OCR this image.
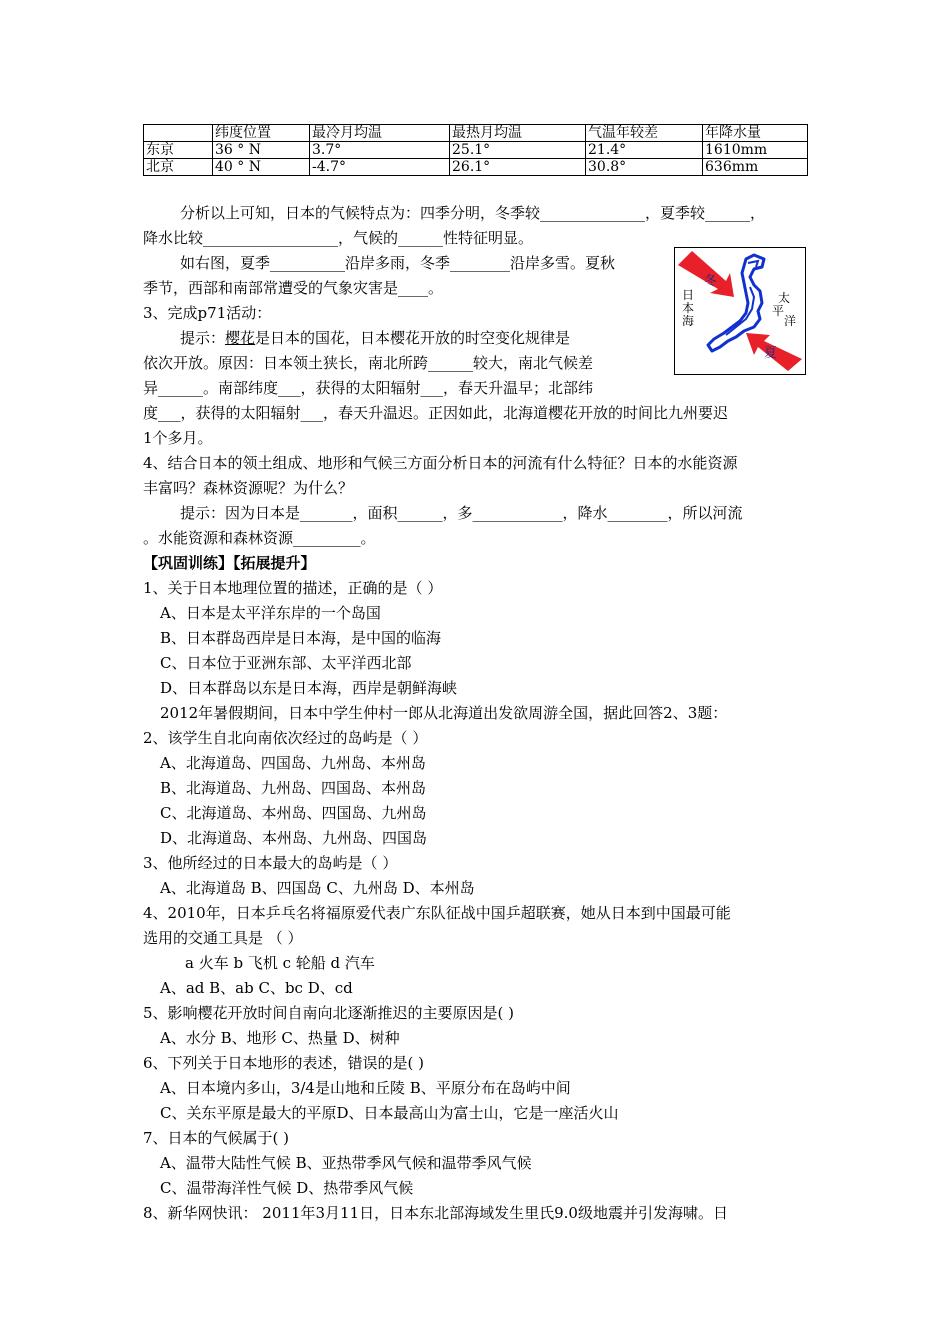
	纬度位置	最冷月均温	最热月均温	气温年较差	年降水量
东京	36 ° N	3.7°	25.1°	21.4°	1610mm
北京	40 ° N	-4.7°	26.1°	30.8°	636mm
分析以上可知，日本的气候特点为：四季分明，冬季较______________，夏季较______，
降水比较__________________，气候的______性特征明显。
如右图，夏季__________沿岸多雨，冬季________沿岸多雪。夏秋
季节，西部和南部常遭受的气象灾害是____。
3、完成p71活动：
提示：樱花是日本的国花，日本樱花开放的时空变化规律是
依次开放。原因：日本领土狭长，南北所跨______较大，南北气候差
异______。南部纬度___，获得的太阳辐射___，春天升温早；北部纬
度___，获得的太阳辐射___，春天升温迟。正因如此，北海道樱花开放的时间比九州要迟
1个多月。
4、结合日本的领土组成、地形和气候三方面分析日本的河流有什么特征？日本的水能资源
丰富吗？森林资源呢？为什么？
提示：因为日本是_______，面积______，多____________，降水________，所以河流
。水能资源和森林资源_________。
【巩固训练】【拓展提升】
1、关于日本地理位置的描述，正确的是（ ）
A、日本是太平洋东岸的一个岛国
B、日本群岛西岸是日本海，是中国的临海
C、日本位于亚洲东部、太平洋西北部
D、日本群岛以东是日本海，西岸是朝鲜海峡
2012年暑假期间，日本中学生仲村一郎从北海道出发欲周游全国，据此回答2、3题：
2、该学生自北向南依次经过的岛屿是（ ）
A、北海道岛、四国岛、九州岛、本州岛
B、北海道岛、九州岛、四国岛、本州岛
C、北海道岛、本州岛、四国岛、九州岛
D、北海道岛、本州岛、九州岛、四国岛
3、他所经过的日本最大的岛屿是（ ）
A、北海道岛 B、四国岛 C、九州岛 D、本州岛
4、2010年，日本乒乓名将福原爱代表广东队征战中国乒超联赛，她从日本到中国最可能
选用的交通工具是 （ ）
a 火车 b 飞机 c 轮船 d 汽车
A、ad B、ab C、bc D、cd
5、影响樱花开放时间自南向北逐渐推迟的主要原因是( )
A、水分 B、地形 C、热量 D、树种
6、下列关于日本地形的表述，错误的是( )
A、日本境内多山，3/4是山地和丘陵 B、平原分布在岛屿中间
C、关东平原是最大的平原D、日本最高山为富士山，它是一座活火山
7、日本的气候属于( )
A、温带大陆性气候 B、亚热带季风气候和温带季风气候
C、温带海洋性气候 D、热带季风气候
8、新华网快讯： 2011年3月11日，日本东北部海域发生里氏9.0级地震并引发海啸。日
冬
夏
日
本
海
太
平
洋
